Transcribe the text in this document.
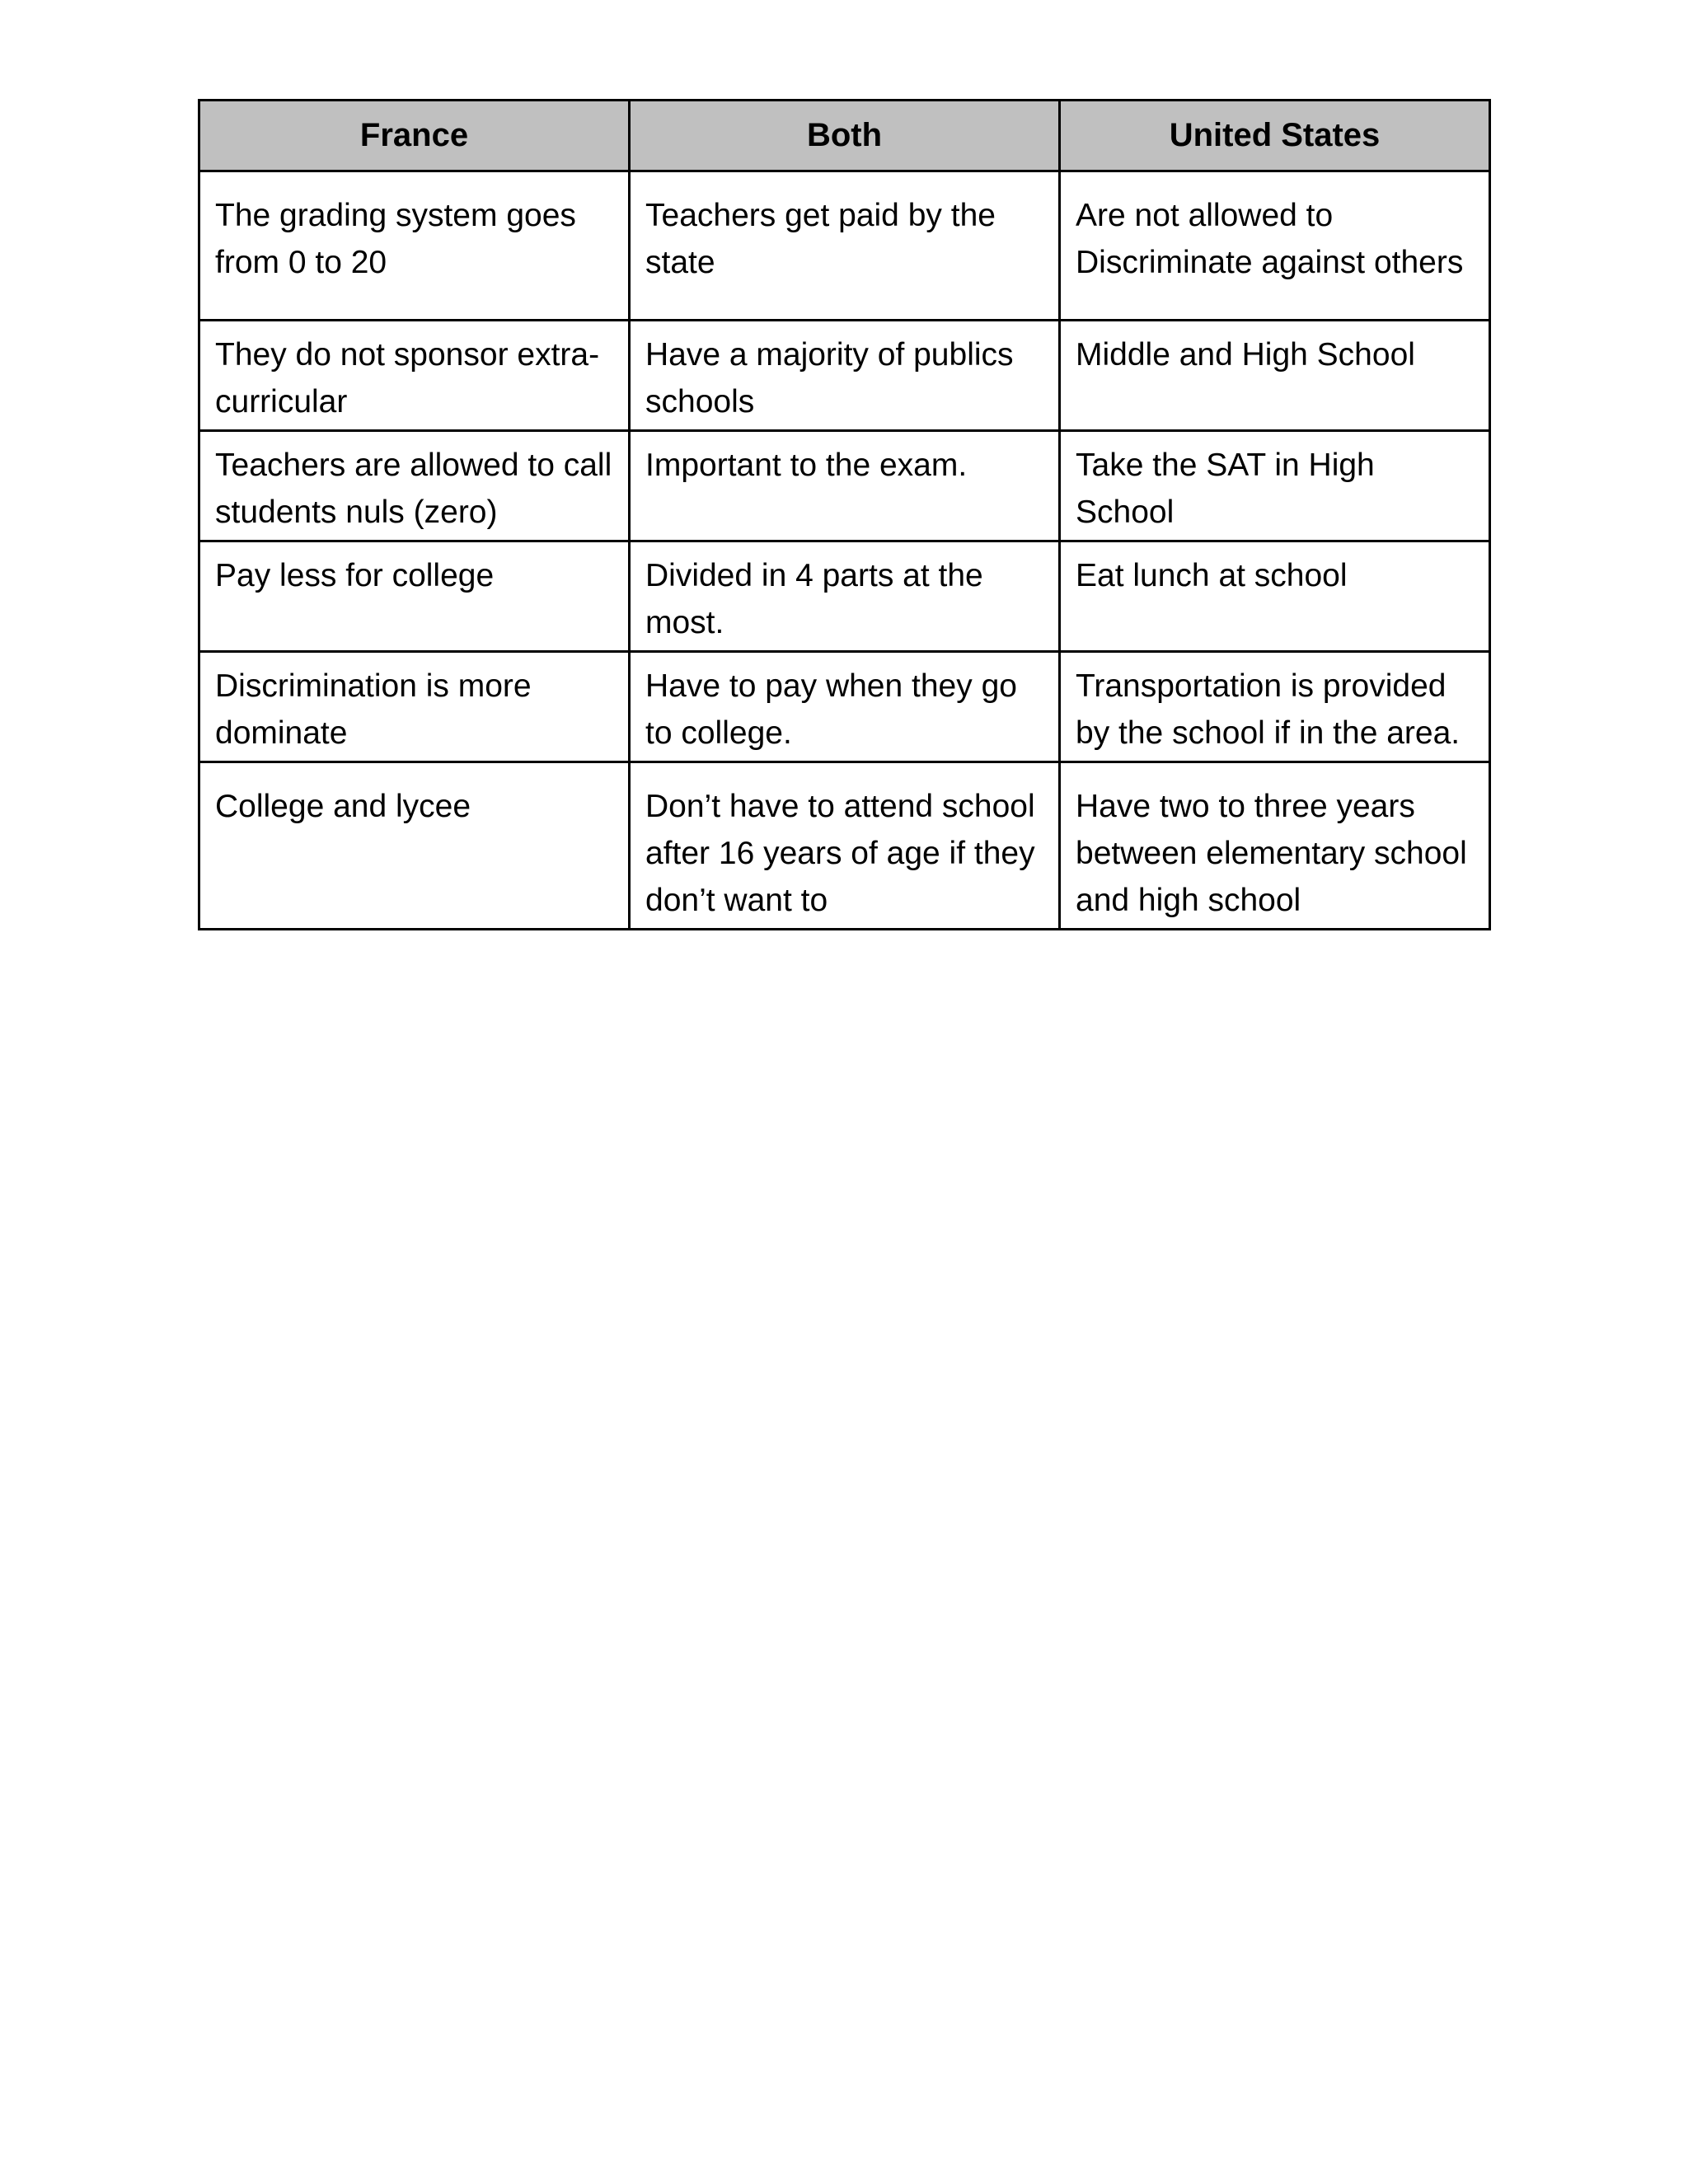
France	Both	United States

The grading system goes from 0 to 20	Teachers get paid by the state	Are not allowed to Discriminate against others

They do not sponsor extra-curricular	Have a majority of publics schools	Middle and High School

Teachers are allowed to call students nuls (zero)	Important to the exam.	Take the SAT in High School

Pay less for college	Divided in 4 parts at the most.	Eat lunch at school

Discrimination is more dominate	Have to pay when they go to college.	Transportation is provided by the school if in the area.

College and lycee	Don’t have to attend school after 16 years of age if they don’t want to	Have two to three years between elementary school and high school
